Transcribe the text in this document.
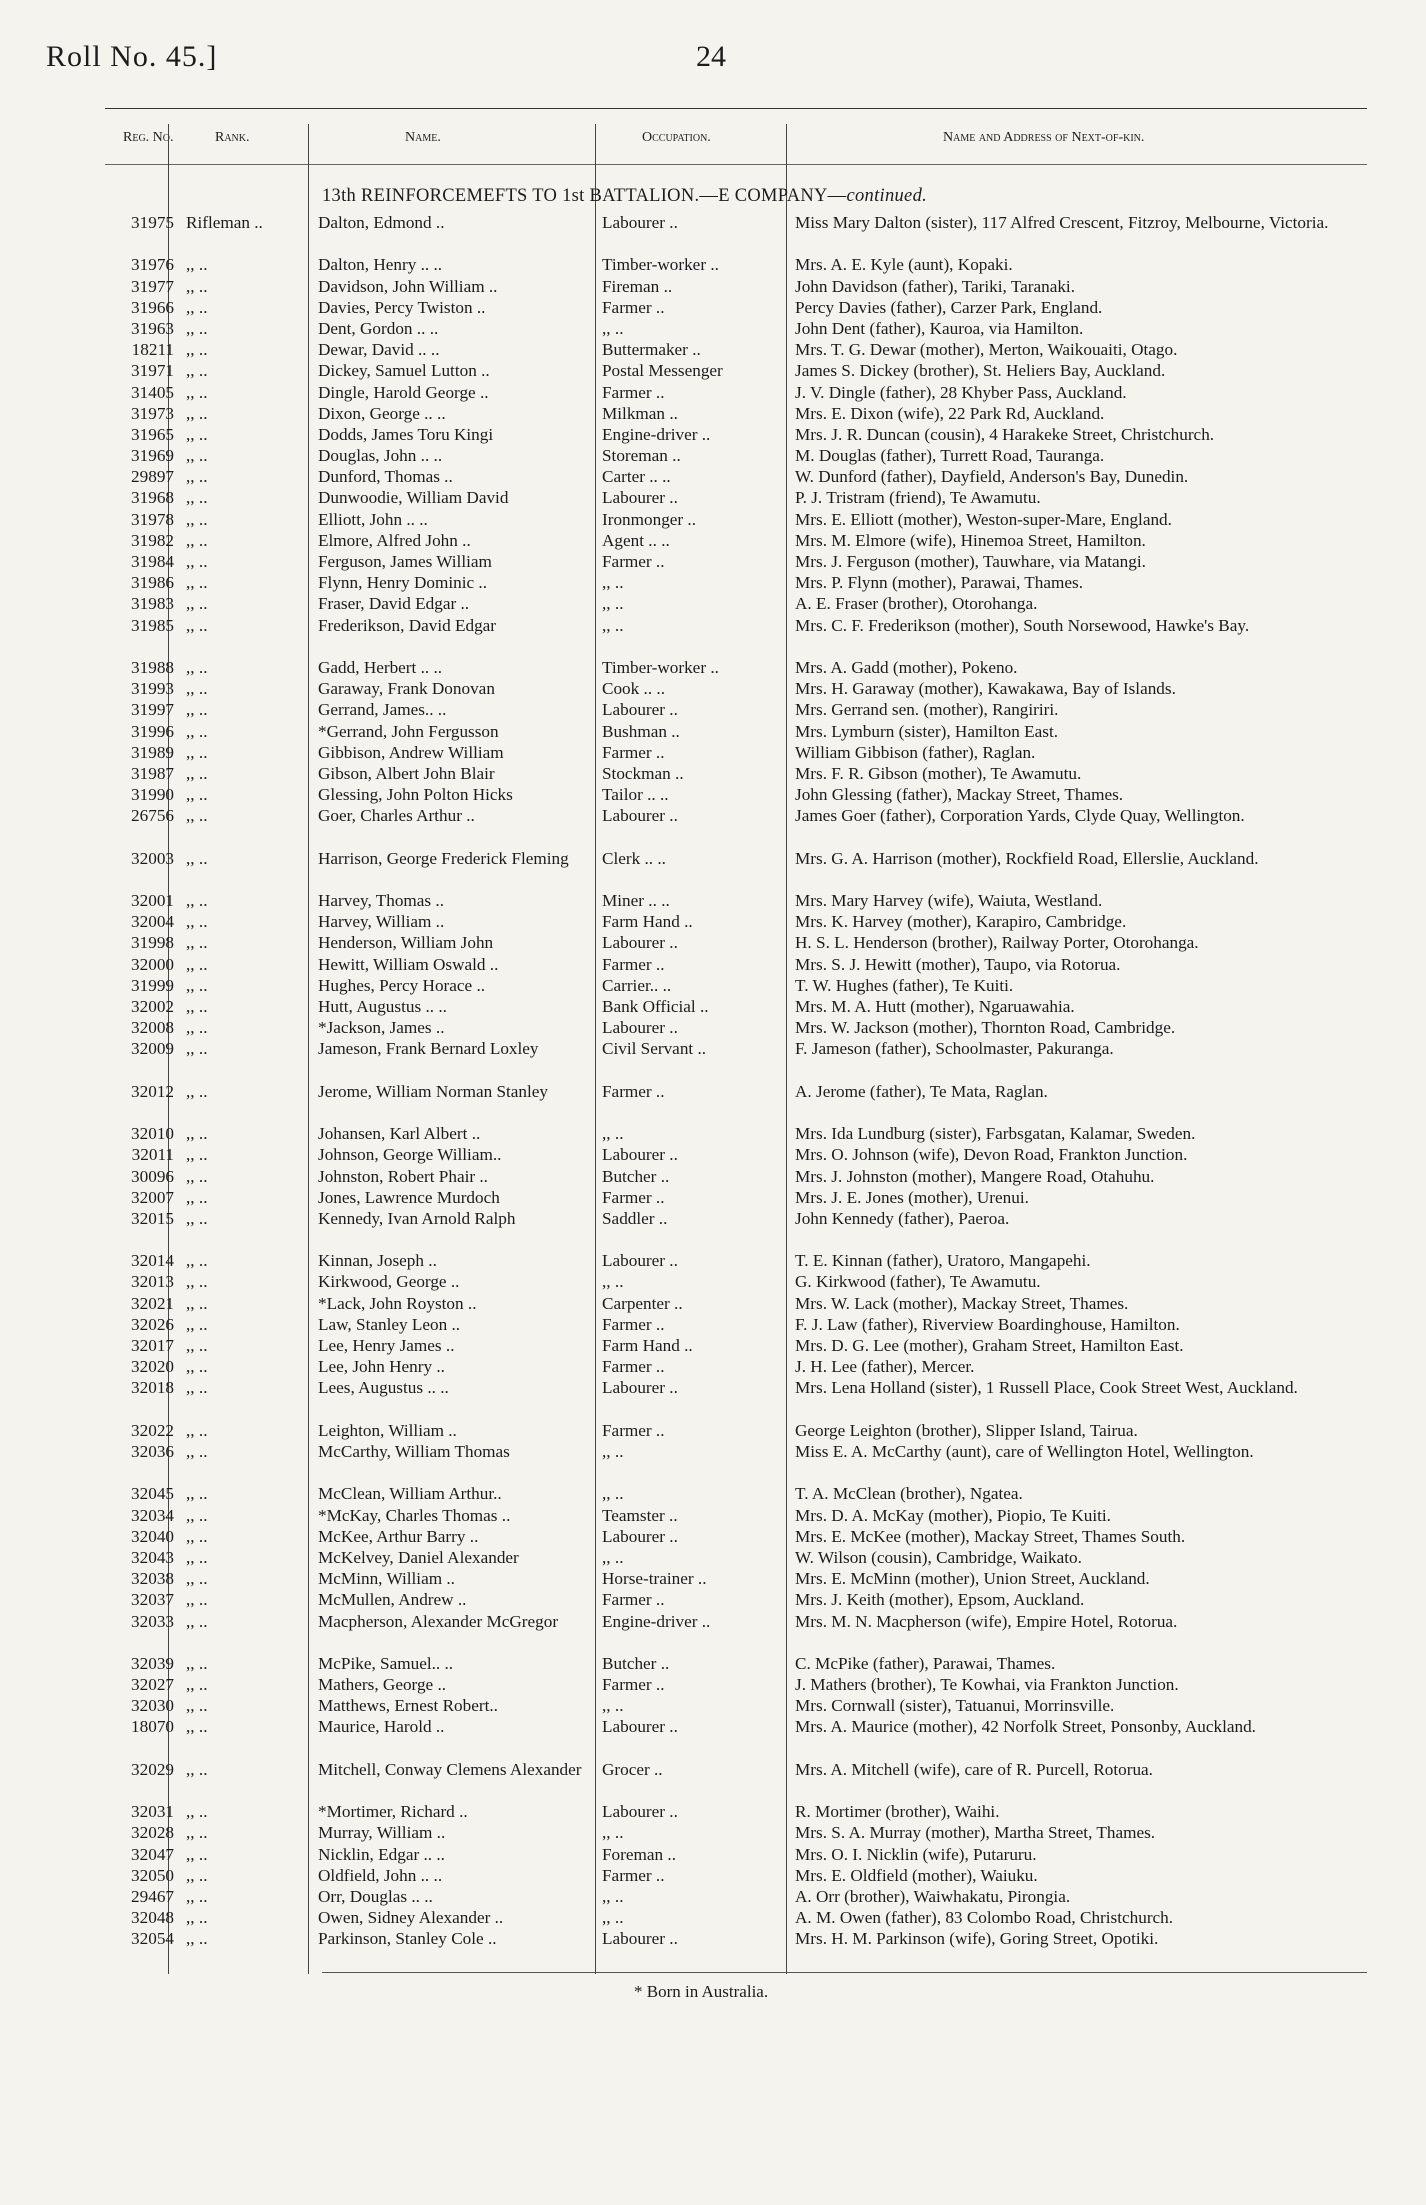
Roll No. 45.]	24
Reg. No.	Rank.	Name.	Occupation.	Name and Address of Next-of-kin.
13th REINFORCEMEFTS TO 1st BATTALION.—E COMPANY—continued.
31975 Rifleman ..	Dalton, Edmond ..	Labourer ..	Miss Mary Dalton (sister), 117 Alfred Crescent, Fitzroy, Melbourne, Victoria.
31976 ,, ..	Dalton, Henry .. ..	Timber-worker ..	Mrs. A. E. Kyle (aunt), Kopaki.
31977 ,, ..	Davidson, John William ..	Fireman ..	John Davidson (father), Tariki, Taranaki.
31966 ,, ..	Davies, Percy Twiston ..	Farmer ..	Percy Davies (father), Carzer Park, England.
31963 ,, ..	Dent, Gordon .. ..	,, ..	John Dent (father), Kauroa, via Hamilton.
18211 ,, ..	Dewar, David .. ..	Buttermaker ..	Mrs. T. G. Dewar (mother), Merton, Waikouaiti, Otago.
31971 ,, ..	Dickey, Samuel Lutton ..	Postal Messenger	James S. Dickey (brother), St. Heliers Bay, Auckland.
31405 ,, ..	Dingle, Harold George ..	Farmer ..	J. V. Dingle (father), 28 Khyber Pass, Auckland.
31973 ,, ..	Dixon, George .. ..	Milkman ..	Mrs. E. Dixon (wife), 22 Park Rd, Auckland.
31965 ,, ..	Dodds, James Toru Kingi	Engine-driver ..	Mrs. J. R. Duncan (cousin), 4 Harakeke Street, Christchurch.
31969 ,, ..	Douglas, John .. ..	Storeman ..	M. Douglas (father), Turrett Road, Tauranga.
29897 ,, ..	Dunford, Thomas ..	Carter .. ..	W. Dunford (father), Dayfield, Anderson's Bay, Dunedin.
31968 ,, ..	Dunwoodie, William David	Labourer ..	P. J. Tristram (friend), Te Awamutu.
31978 ,, ..	Elliott, John .. ..	Ironmonger ..	Mrs. E. Elliott (mother), Weston-super-Mare, England.
31982 ,, ..	Elmore, Alfred John ..	Agent .. ..	Mrs. M. Elmore (wife), Hinemoa Street, Hamilton.
31984 ,, ..	Ferguson, James William	Farmer ..	Mrs. J. Ferguson (mother), Tauwhare, via Matangi.
31986 ,, ..	Flynn, Henry Dominic ..	,, ..	Mrs. P. Flynn (mother), Parawai, Thames.
31983 ,, ..	Fraser, David Edgar ..	,, ..	A. E. Fraser (brother), Otorohanga.
31985 ,, ..	Frederikson, David Edgar	,, ..	Mrs. C. F. Frederikson (mother), South Norsewood, Hawke's Bay.
31988 ,, ..	Gadd, Herbert .. ..	Timber-worker ..	Mrs. A. Gadd (mother), Pokeno.
31993 ,, ..	Garaway, Frank Donovan	Cook .. ..	Mrs. H. Garaway (mother), Kawakawa, Bay of Islands.
31997 ,, ..	Gerrand, James.. ..	Labourer ..	Mrs. Gerrand sen. (mother), Rangiriri.
31996 ,, ..	*Gerrand, John Fergusson	Bushman ..	Mrs. Lymburn (sister), Hamilton East.
31989 ,, ..	Gibbison, Andrew William	Farmer ..	William Gibbison (father), Raglan.
31987 ,, ..	Gibson, Albert John Blair	Stockman ..	Mrs. F. R. Gibson (mother), Te Awamutu.
31990 ,, ..	Glessing, John Polton Hicks	Tailor .. ..	John Glessing (father), Mackay Street, Thames.
26756 ,, ..	Goer, Charles Arthur ..	Labourer ..	James Goer (father), Corporation Yards, Clyde Quay, Wellington.
32003 ,, ..	Harrison, George Frederick Fleming	Clerk .. ..	Mrs. G. A. Harrison (mother), Rockfield Road, Ellerslie, Auckland.
32001 ,, ..	Harvey, Thomas ..	Miner .. ..	Mrs. Mary Harvey (wife), Waiuta, Westland.
32004 ,, ..	Harvey, William ..	Farm Hand ..	Mrs. K. Harvey (mother), Karapiro, Cambridge.
31998 ,, ..	Henderson, William John	Labourer ..	H. S. L. Henderson (brother), Railway Porter, Otorohanga.
32000 ,, ..	Hewitt, William Oswald ..	Farmer ..	Mrs. S. J. Hewitt (mother), Taupo, via Rotorua.
31999 ,, ..	Hughes, Percy Horace ..	Carrier.. ..	T. W. Hughes (father), Te Kuiti.
32002 ,, ..	Hutt, Augustus .. ..	Bank Official ..	Mrs. M. A. Hutt (mother), Ngaruawahia.
32008 ,, ..	*Jackson, James ..	Labourer ..	Mrs. W. Jackson (mother), Thornton Road, Cambridge.
32009 ,, ..	Jameson, Frank Bernard Loxley	Civil Servant ..	F. Jameson (father), Schoolmaster, Pakuranga.
32012 ,, ..	Jerome, William Norman Stanley	Farmer ..	A. Jerome (father), Te Mata, Raglan.
32010 ,, ..	Johansen, Karl Albert ..	,, ..	Mrs. Ida Lundburg (sister), Farbsgatan, Kalamar, Sweden.
32011 ,, ..	Johnson, George William..	Labourer ..	Mrs. O. Johnson (wife), Devon Road, Frankton Junction.
30096 ,, ..	Johnston, Robert Phair ..	Butcher ..	Mrs. J. Johnston (mother), Mangere Road, Otahuhu.
32007 ,, ..	Jones, Lawrence Murdoch	Farmer ..	Mrs. J. E. Jones (mother), Urenui.
32015 ,, ..	Kennedy, Ivan Arnold Ralph	Saddler ..	John Kennedy (father), Paeroa.
32014 ,, ..	Kinnan, Joseph ..	Labourer ..	T. E. Kinnan (father), Uratoro, Mangapehi.
32013 ,, ..	Kirkwood, George ..	,, ..	G. Kirkwood (father), Te Awamutu.
32021 ,, ..	*Lack, John Royston ..	Carpenter ..	Mrs. W. Lack (mother), Mackay Street, Thames.
32026 ,, ..	Law, Stanley Leon ..	Farmer ..	F. J. Law (father), Riverview Boardinghouse, Hamilton.
32017 ,, ..	Lee, Henry James ..	Farm Hand ..	Mrs. D. G. Lee (mother), Graham Street, Hamilton East.
32020 ,, ..	Lee, John Henry ..	Farmer ..	J. H. Lee (father), Mercer.
32018 ,, ..	Lees, Augustus .. ..	Labourer ..	Mrs. Lena Holland (sister), 1 Russell Place, Cook Street West, Auckland.
32022 ,, ..	Leighton, William ..	Farmer ..	George Leighton (brother), Slipper Island, Tairua.
32036 ,, ..	McCarthy, William Thomas	,, ..	Miss E. A. McCarthy (aunt), care of Wellington Hotel, Wellington.
32045 ,, ..	McClean, William Arthur..	,, ..	T. A. McClean (brother), Ngatea.
32034 ,, ..	*McKay, Charles Thomas ..	Teamster ..	Mrs. D. A. McKay (mother), Piopio, Te Kuiti.
32040 ,, ..	McKee, Arthur Barry ..	Labourer ..	Mrs. E. McKee (mother), Mackay Street, Thames South.
32043 ,, ..	McKelvey, Daniel Alexander	,, ..	W. Wilson (cousin), Cambridge, Waikato.
32038 ,, ..	McMinn, William ..	Horse-trainer ..	Mrs. E. McMinn (mother), Union Street, Auckland.
32037 ,, ..	McMullen, Andrew ..	Farmer ..	Mrs. J. Keith (mother), Epsom, Auckland.
32033 ,, ..	Macpherson, Alexander McGregor	Engine-driver ..	Mrs. M. N. Macpherson (wife), Empire Hotel, Rotorua.
32039 ,, ..	McPike, Samuel.. ..	Butcher ..	C. McPike (father), Parawai, Thames.
32027 ,, ..	Mathers, George ..	Farmer ..	J. Mathers (brother), Te Kowhai, via Frankton Junction.
32030 ,, ..	Matthews, Ernest Robert..	,, ..	Mrs. Cornwall (sister), Tatuanui, Morrinsville.
18070 ,, ..	Maurice, Harold ..	Labourer ..	Mrs. A. Maurice (mother), 42 Norfolk Street, Ponsonby, Auckland.
32029 ,, ..	Mitchell, Conway Clemens Alexander	Grocer ..	Mrs. A. Mitchell (wife), care of R. Purcell, Rotorua.
32031 ,, ..	*Mortimer, Richard ..	Labourer ..	R. Mortimer (brother), Waihi.
32028 ,, ..	Murray, William ..	,, ..	Mrs. S. A. Murray (mother), Martha Street, Thames.
32047 ,, ..	Nicklin, Edgar .. ..	Foreman ..	Mrs. O. I. Nicklin (wife), Putaruru.
32050 ,, ..	Oldfield, John .. ..	Farmer ..	Mrs. E. Oldfield (mother), Waiuku.
29467 ,, ..	Orr, Douglas .. ..	,, ..	A. Orr (brother), Waiwhakatu, Pirongia.
32048 ,, ..	Owen, Sidney Alexander ..	,, ..	A. M. Owen (father), 83 Colombo Road, Christchurch.
32054 ,, ..	Parkinson, Stanley Cole ..	Labourer ..	Mrs. H. M. Parkinson (wife), Goring Street, Opotiki.
* Born in Australia.
